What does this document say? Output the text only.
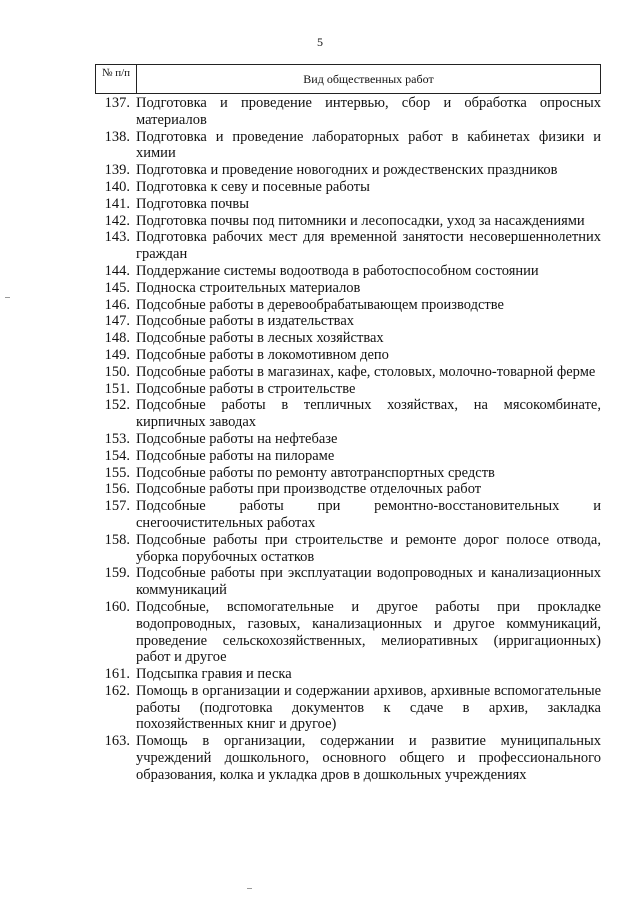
5
№ п/п	Вид общественных работ
137. Подготовка и проведение интервью, сбор и обработка опросных материалов
138. Подготовка и проведение лабораторных работ в кабинетах физики и химии
139. Подготовка и проведение новогодних и рождественских праздников
140. Подготовка к севу и посевные работы
141. Подготовка почвы
142. Подготовка почвы под питомники и лесопосадки, уход за насаждениями
143. Подготовка рабочих мест для временной занятости несовершеннолетних граждан
144. Поддержание системы водоотвода в работоспособном состоянии
145. Подноска строительных материалов
146. Подсобные работы в деревообрабатывающем производстве
147. Подсобные работы в издательствах
148. Подсобные работы в лесных хозяйствах
149. Подсобные работы в локомотивном депо
150. Подсобные работы в магазинах, кафе, столовых, молочно-товарной ферме
151. Подсобные работы в строительстве
152. Подсобные работы в тепличных хозяйствах, на мясокомбинате, кирпичных заводах
153. Подсобные работы на нефтебазе
154. Подсобные работы на пилораме
155. Подсобные работы по ремонту автотранспортных средств
156. Подсобные работы при производстве отделочных работ
157. Подсобные работы при ремонтно-восстановительных и снегоочистительных работах
158. Подсобные работы при строительстве и ремонте дорог полосе отвода, уборка порубочных остатков
159. Подсобные работы при эксплуатации водопроводных и канализационных коммуникаций
160. Подсобные, вспомогательные и другое работы при прокладке водопроводных, газовых, канализационных и другое коммуникаций, проведение сельскохозяйственных, мелиоративных (ирригационных) работ и другое
161. Подсыпка гравия и песка
162. Помощь в организации и содержании архивов, архивные вспомогательные работы (подготовка документов к сдаче в архив, закладка похозяйственных книг и другое)
163. Помощь в организации, содержании и развитие муниципальных учреждений дошкольного, основного общего и профессионального образования, колка и укладка дров в дошкольных учреждениях
